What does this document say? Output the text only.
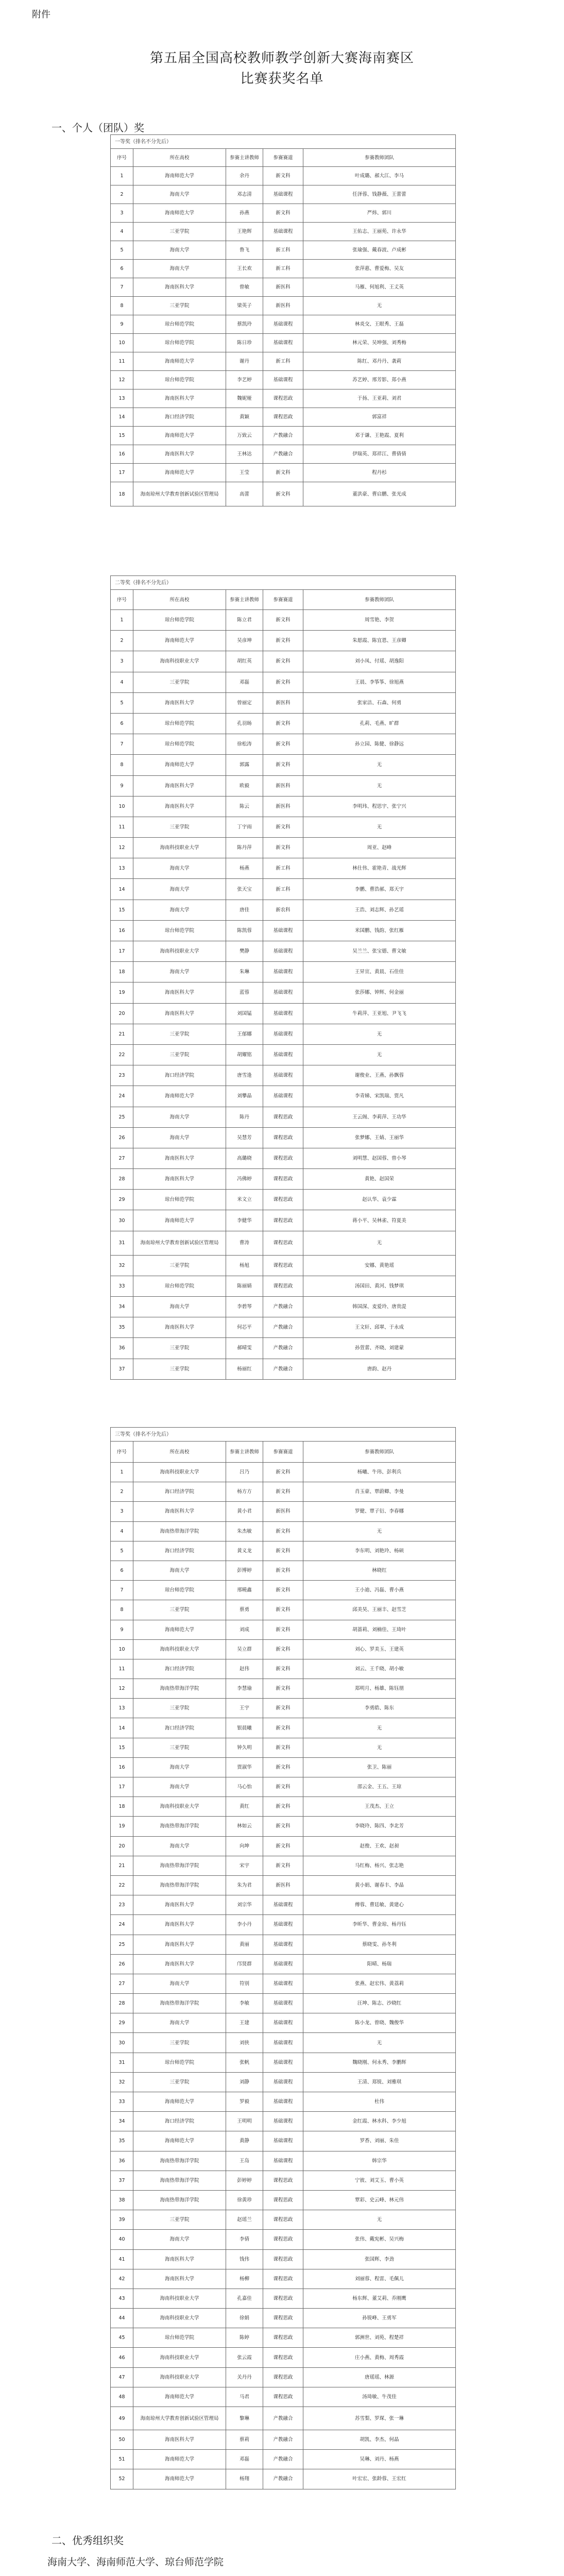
附件
第五届全国高校教师教学创新大赛海南赛区
比赛获奖名单
一、个人（团队）奖
一等奖（排名不分先后）				
序号	所在高校	参赛主讲教师	参赛赛道	参赛教师团队
1	海南师范大学	余丹	新文科	叶成璐、郝大江、李马
2	海南大学	邓志清	基础课程	任泽蓉、钱静薇、王蕾蕾
3	海南师范大学	孙燕	新文科	严炜、郭川
4	三亚学院	王艳辉	基础课程	王佑志、王丽苑、许永华
5	海南大学	鲁飞	新工科	张瑜强、戴春波、卢成彬
6	海南大学	王长欢	新工科	张萍惠、曹爱梅、吴友
7	海南医科大学	曾敏	新医科	马雁、何旭利、王丈英
8	三亚学院	梁英子	新医科	无
9	琼台师范学院	蔡凯玲	基础课程	林炎交、王眼秀、王磊
10	琼台师范学院	陈日珍	基础课程	林元荣、吴坤强、刘秀梅
11	海南师范大学	谢丹	新工科	陈红、邓丹丹、袭莉
12	琼台师范学院	李艺婷	基础课程	苏艺婷、邢芳影、郑小燕
13	海南医科大学	魏妮娅	课程思政	于扬、王亚莉、刘君
14	海口经济学院	黄颖	课程思政	郭富祥
15	海南师范大学	万致云	产教融合	邓于谦、王艳霞、夏利
16	海南医科大学	王林达	产教融合	伊瑞英、郑祥江、曹倩倩
17	海南师范大学	王莹	新文科	程丹杉
18	海南琼州大学教育创新试验区管理局	高蕾	新文科	董洪豪、曹启鹏、张光成
二等奖（排名不分先后）				
序号	所在高校	参赛主讲教师	参赛赛道	参赛教师团队
1	琼台师范学院	陈立君	新文科	周雪艳、李贺
2	海南师范大学	吴彦坤	新文科	朱愿霞、陈宜恩、王彦卿
3	海南科技职业大学	胡红英	新文科	刘小凤、付瑶、胡逸阳
4	三亚学院	邓磊	新文科	王晨、李筝筝、徐旭燕
5	海南医科大学	曾丽定	新医科	张家洁、石森、何勇
6	琼台师范学院	孔羽旸	新文科	孔莉、毛燕、旷群
7	琼台师范学院	徐松涛	新文科	孙立园、陈健、徐静远
8	海南师范大学	郭露	新文科	无
9	海南医科大学	欧毅	新医科	无
10	海南医科大学	陈云	新医科	李明玮、程思宇、张宁兴
11	三亚学院	丁宇雨	新文科	无
12	海南科技职业大学	陈丹萍	新文科	周亚、赵峰
13	海南大学	杨燕	新工科	林仕伟、霍艳青、战光辉
14	海南大学	张天宝	新工科	李鹏、曹浩郝、郑天宇
15	海南大学	唐佳	新农科	王浩、刘志辉、孙艺瑶
16	琼台师范学院	陈凯蓉	基础课程	米国鹏、钱韵、张红雁
17	海南科技职业大学	樊静	基础课程	吴兰兰、张宝德、曹文敏
18	海南大学	朱琳	基础课程	王昇宣、黄晨、石佳佳
19	海南医科大学	蓝蓉	基础课程	张莎娜、钟辉、何金丽
20	海南医科大学	刘国锰	基础课程	牛莉萍、王亚旭、尹飞飞
21	三亚学院	王郁娜	基础课程	无
22	三亚学院	胡耀铭	基础课程	无
23	海口经济学院	唐雪逢	基础课程	谢俊业、王燕、孙飘蓉
24	海南师范大学	刘攀晶	基础课程	李青娣、宋凯瑞、贾凡
25	海南大学	陈丹	课程思政	王云阁、李莉萍、王功华
26	海南大学	吴慧芳	课程思政	张梦娜、王婧、王丽华
27	海南医科大学	高璐晓	课程思政	刘明慧、赵国蓉、曾小琴
28	海南医科大学	冯佛婷	课程思政	黄艳、赵国荣
29	琼台师范学院	米文立	课程思政	赵认华、袁少霖
30	海南师范大学	李健华	课程思政	蒋小平、吴林雀、符夏美
31	海南琼州大学教育创新试验区管理局	曹涛	课程思政	无
32	三亚学院	杨旭	课程思政	安娜、黄艳瑶
33	琼台师范学院	陈丽婧	课程思政	汤国田、黄河、钱梦琪
34	海南大学	李碧琴	产教融合	韩国深、麦爱玲、唐贵湜
35	海南医科大学	何芯平	产教融合	王文轩、邱翠、于永成
36	三亚学院	郝晴雯	产教融合	孙萱蕾、齐晓、刘建蒙
37	三亚学院	杨丽红	产教融合	唐韵、赵丹
三等奖（排名不分先后）				
序号	所在高校	参赛主讲教师	参赛赛道	参赛教师团队
1	海南科技职业大学	吕乃	新文科	杨曦、牛玮、彭利兵
2	海口经济学院	杨方方	新文科	肖玉豪、覃蔚卿、李曼
3	海南医科大学	黄小君	新医科	罗健、覃子衍、李春娜
4	海南热带海洋学院	朱杰敏	新文科	无
5	海口经济学院	黄义龙	新文科	李东明、刘艳玲、杨硕
6	海南大学	彭博婷	新文科	林晓红
7	琼台师范学院	邢曉鑫	新文科	王小迪、冯磊、曹小燕
8	三亚学院	蔡勇	新文科	邱美昊、王丽丰、赵雪芝
9	海南师范大学	刘成	新文科	胡蔷莉、刘楠佳、王琦叶
10	海南科技职业大学	吴立群	新文科	刘心、罗美玉、王建英
11	海口经济学院	赵伟	新文科	刘云、王千晓、胡小敏
12	海南热带海洋学院	李慧瑜	新文科	郑明月、杨雄、陈钰朋
13	三亚学院	王宇	新文科	李勇皓、陈东
14	海口经济学院	银晨曦	新文科	无
15	三亚学院	钟久明	新文科	无
16	海南大学	贾淑华	新文科	张卫、陈丽
17	海南大学	马心怡	新文科	邵云金、王五、王琼
18	海南科技职业大学	黄红	新文科	王茂杰、王立
19	海南热带海洋学院	林如云	新文科	李晓玲、陈四、李北芳
20	海南大学	向坤	新文科	赵俊、王欢、赵昶
21	海南热带海洋学院	宋宇	新文科	马红梅、杨兴、张志艳
22	海南热带海洋学院	朱为君	新医科	黄小娟、谢春丰、李晶
23	海南医科大学	刘宗华	基础课程	傅蓉、曹廷敏、黄建心
24	海南医科大学	李小丹	基础课程	李昕华、曹金琼、杨丹钰
25	海南医科大学	黄丽	基础课程	蔡晓雯、孙冬利
26	海南医科大学	邝贤群	基础课程	阳晴、杨瑞
27	海南大学	符别	基础课程	张燕、赵宏伟、黄荔莉
28	海南热带海洋学院	李敏	基础课程	汪坤、陈志、沙晓红
29	海南大学	王建	基础课程	陈小龙、曾晓、魏俊华
30	三亚学院	刘侠	基础课程	无
31	琼台师范学院	张帆	基础课程	魏晓刚、何永秀、李鹏辉
32	三亚学院	刘静	基础课程	王清、郑锐、刘雅琪
33	海南师范大学	罗毅	基础课程	杜伟
34	海口经济学院	王明明	基础课程	金红霞、林水科、李少旭
35	海南师范大学	黄静	基础课程	罗香、刘丽、朱佳
36	海南热带海洋学院	王岛	基础课程	韩宗华
37	海南热带海洋学院	彭婷婷	课程思政	宁彼、刘艾玉、曹小英
38	海南热带海洋学院	徐黄珍	课程思政	覃彩、史云峰、林元伟
39	三亚学院	赵瑶兰	课程思政	无
40	海南大学	李倩	课程思政	张伟、戴宪彬、吴兴梅
41	海南医科大学	钱伟	课程思政	张国辉、李劲
42	海南医科大学	杨柳	课程思政	刘丽蓉、程雷、毛佩儿
43	海南科技职业大学	孔嘉佳	课程思政	杨东辉、董艾莉、乔刚鹰
44	海南科技职业大学	徐娟	课程思政	孙锐峰、王勇军
45	琼台师范学院	陈婷	课程思政	郭洲世、刘苑、程楚祥
46	海南科技职业大学	张云霞	课程思政	庄小燕、黄梅、周秀霞
47	海南科技职业大学	关丹丹	课程思政	唐瑶瑶、林源
48	海南师范大学	马君	课程思政	汤琦敏、牛茂佳
49	海南琼州大学教育创新试验区管理局	黎琳	产教融合	苏雪梨、罗琛、张一琳
50	海南医科大学	蔡莉	产教融合	胡凯、李杰、何晶
51	海南师范大学	邓磊	产教融合	吴琳、刘丹、杨燕
52	海南师范大学	杨翔	产教融合	叶宏宏、张龄蓉、王宏红
二、优秀组织奖
海南大学、海南师范大学、琼台师范学院
